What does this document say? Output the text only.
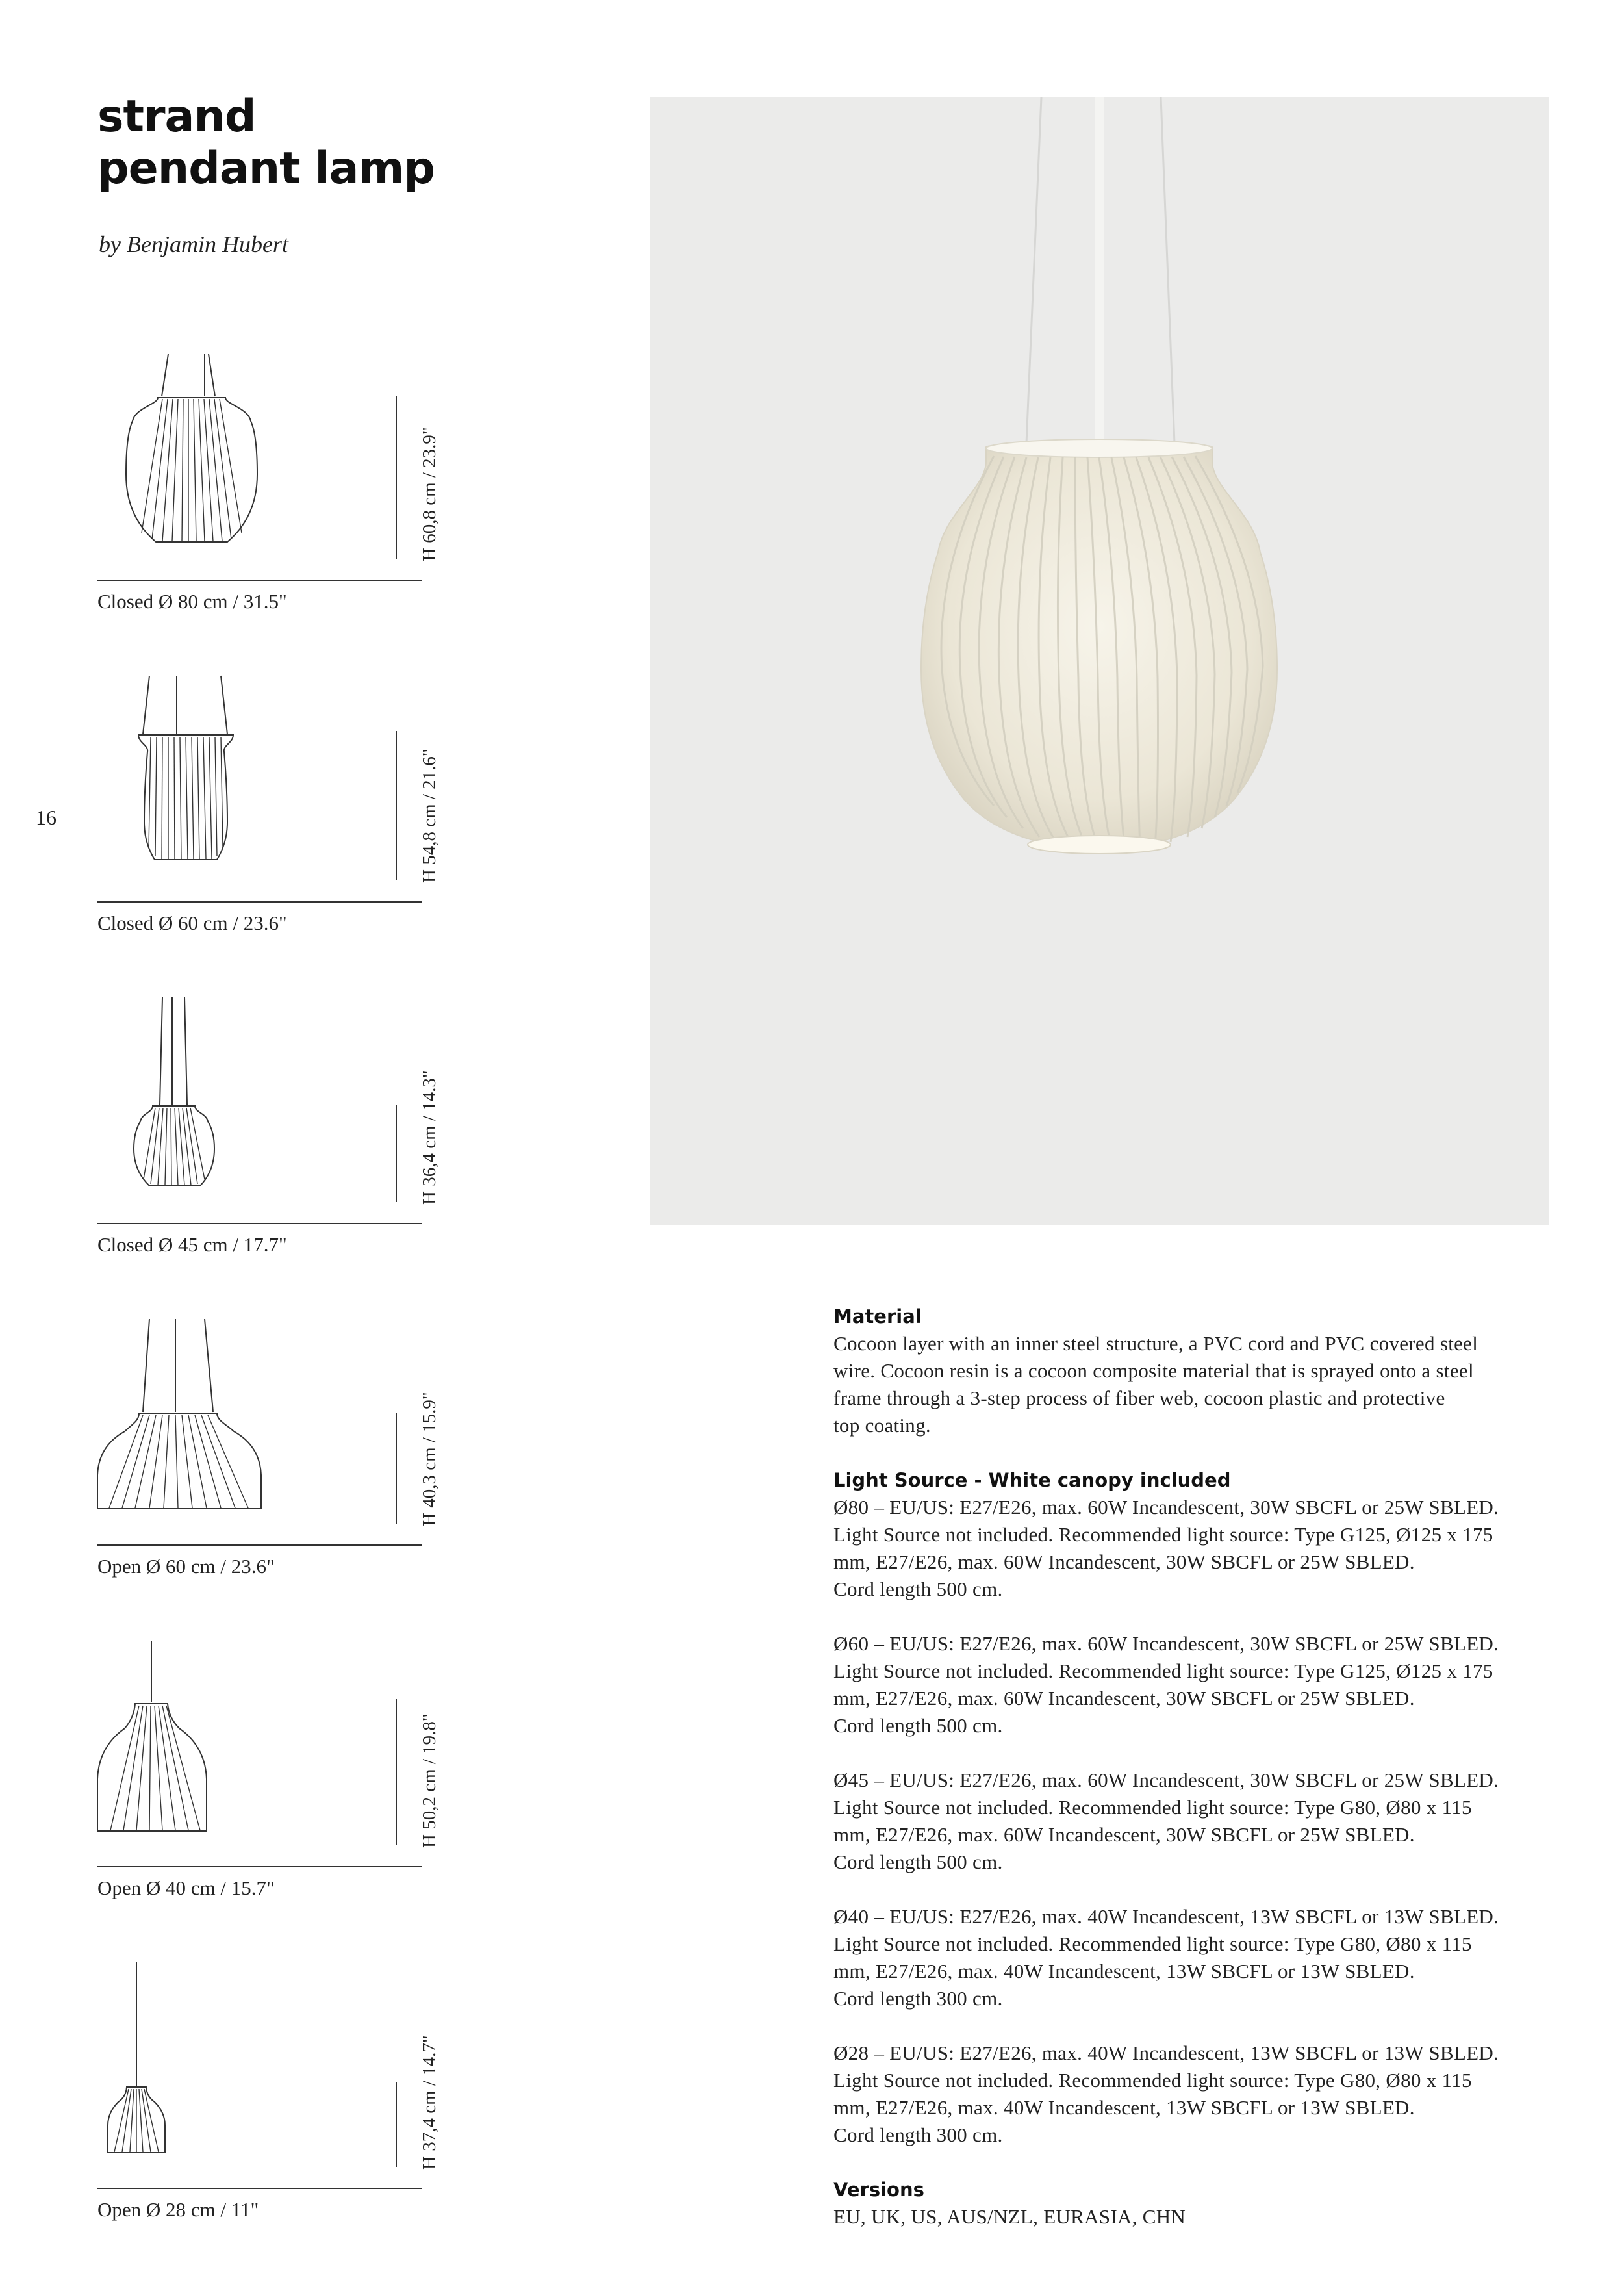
strand
pendant lamp
by Benjamin Hubert
16
H 60,8 cm / 23.9"
Closed Ø 80 cm / 31.5"
H 54,8 cm / 21.6"
Closed Ø 60 cm / 23.6"
H 36,4 cm / 14.3"
Closed Ø 45 cm / 17.7"
H 40,3 cm / 15.9"
Open Ø 60 cm / 23.6"
H 50,2 cm / 19.8"
Open Ø 40 cm / 15.7"
H 37,4 cm / 14.7"
Open Ø 28 cm / 11"

Material

Cocoon layer with an inner steel structure, a PVC cord and PVC covered steel

wire. Cocoon resin is a cocoon composite material that is sprayed onto a steel

frame through a 3-step process of fiber web, cocoon plastic and protective

top coating.

Light Source - White canopy included

Ø80 – EU/US: E27/E26, max. 60W Incandescent, 30W SBCFL or 25W SBLED.

Light Source not included. Recommended light source: Type G125, Ø125 x 175

mm, E27/E26, max. 60W Incandescent, 30W SBCFL or 25W SBLED.

Cord length 500 cm.

Ø60 – EU/US: E27/E26, max. 60W Incandescent, 30W SBCFL or 25W SBLED.

Light Source not included. Recommended light source: Type G125, Ø125 x 175

mm, E27/E26, max. 60W Incandescent, 30W SBCFL or 25W SBLED.

Cord length 500 cm.

Ø45 – EU/US: E27/E26, max. 60W Incandescent, 30W SBCFL or 25W SBLED.

Light Source not included. Recommended light source: Type G80, Ø80 x 115

mm, E27/E26, max. 60W Incandescent, 30W SBCFL or 25W SBLED.

Cord length 500 cm.

Ø40 – EU/US: E27/E26, max. 40W Incandescent, 13W SBCFL or 13W SBLED.

Light Source not included. Recommended light source: Type G80, Ø80 x 115

mm, E27/E26, max. 40W Incandescent, 13W SBCFL or 13W SBLED.

Cord length 300 cm.

Ø28 – EU/US: E27/E26, max. 40W Incandescent, 13W SBCFL or 13W SBLED.

Light Source not included. Recommended light source: Type G80, Ø80 x 115

mm, E27/E26, max. 40W Incandescent, 13W SBCFL or 13W SBLED.

Cord length 300 cm.

Versions

EU, UK, US, AUS/NZL, EURASIA, CHN
